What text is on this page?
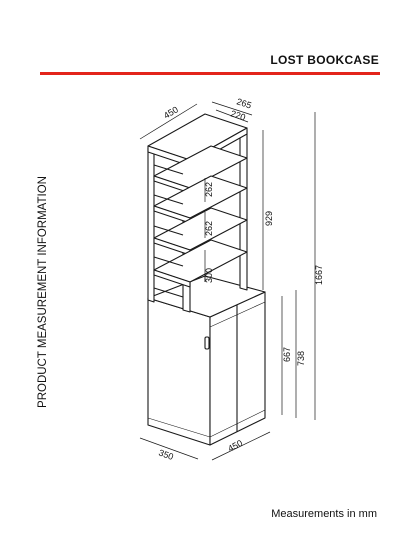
LOST BOOKCASE
PRODUCT MEASUREMENT INFORMATION
450
265
220
262
262
300
929
1667
667 738
350
450
Measurements in mm
